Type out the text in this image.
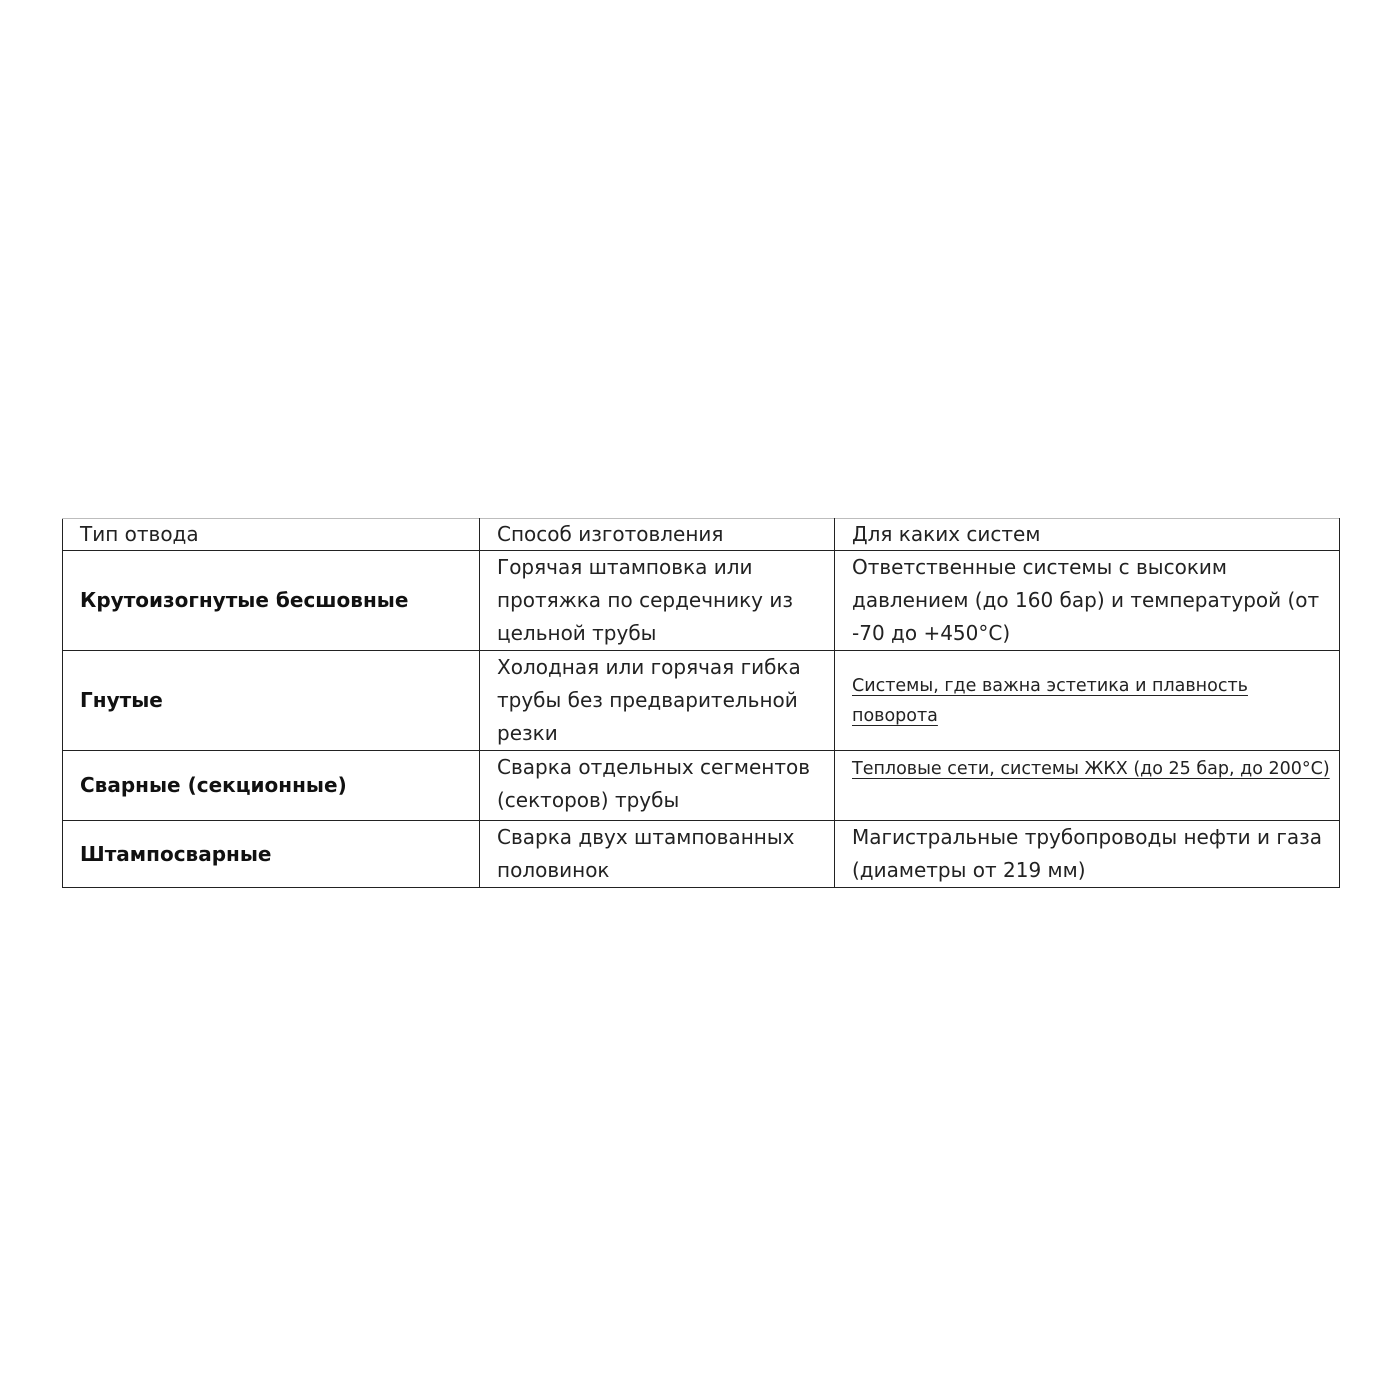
Тип отвода	Способ изготовления	Для каких систем
Крутоизогнутые бесшовные	Горячая штамповка или протяжка по сердечнику из цельной трубы	Ответственные системы с высоким давлением (до 160 бар) и температурой (от -70 до +450°C)
Гнутые	Холодная или горячая гибка трубы без предварительной резки	Системы, где важна эстетика и плавность поворота
Сварные (секционные)	Сварка отдельных сегментов (секторов) трубы	Тепловые сети, системы ЖКХ (до 25 бар, до 200°C)
Штампосварные	Сварка двух штампованных половинок	Магистральные трубопроводы нефти и газа (диаметры от 219 мм)
